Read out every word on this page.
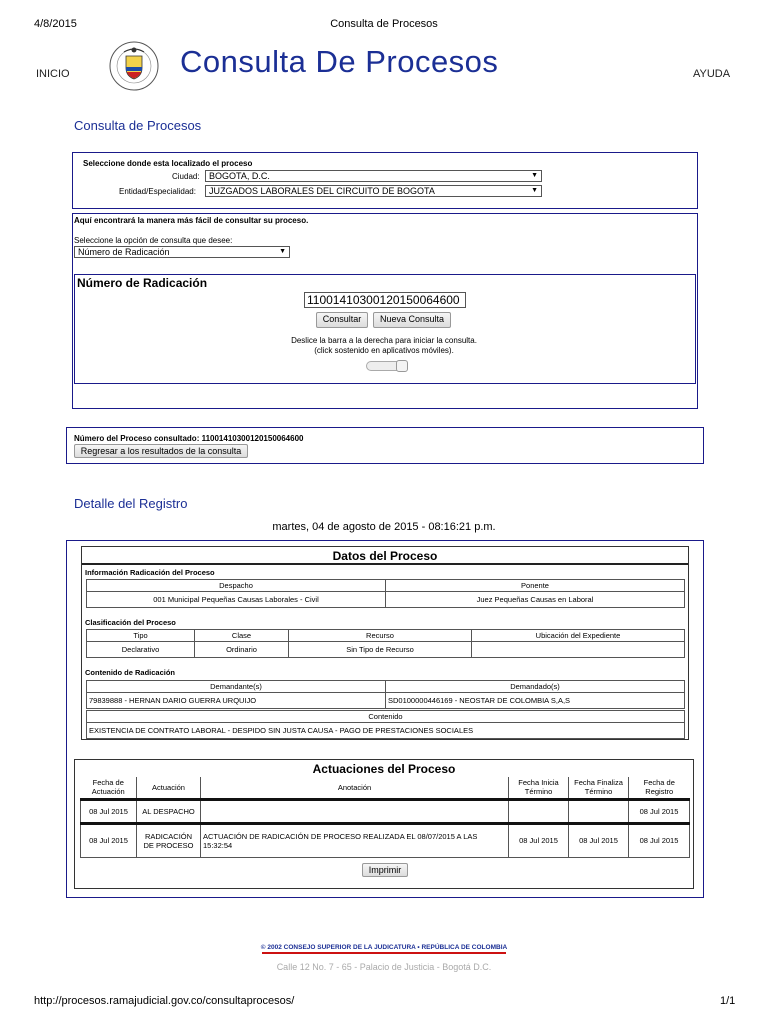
4/8/2015	Consulta de Procesos
INICIO	Consulta De Procesos	AYUDA
Consulta de Procesos
Seleccione donde esta localizado el proceso
Ciudad:	BOGOTA, D.C.	▼
Entidad/Especialidad:	JUZGADOS LABORALES DEL CIRCUITO DE BOGOTA	▼
Aquí encontrará la manera más fácil de consultar su proceso.
Seleccione la opción de consulta que desee:
Número de Radicación	▼
Número de Radicación
11001410300120150064600
Consultar	Nueva Consulta
Deslice la barra a la derecha para iniciar la consulta.
(click sostenido en aplicativos móviles).
Número del Proceso consultado: 11001410300120150064600
Regresar a los resultados de la consulta
Detalle del Registro
martes, 04 de agosto de 2015 - 08:16:21 p.m.
Datos del Proceso
Información Radicación del Proceso
Despacho	Ponente
001 Municipal Pequeñas Causas Laborales - Civil	Juez Pequeñas Causas en Laboral
Clasificación del Proceso
Tipo	Clase	Recurso	Ubicación del Expediente
Declarativo	Ordinario	Sin Tipo de Recurso	
Contenido de Radicación
Demandante(s)	Demandado(s)
79839888 - HERNAN DARIO GUERRA URQUIJO	SD0100000446169 - NEOSTAR DE COLOMBIA S,A,S
Contenido
EXISTENCIA DE CONTRATO LABORAL - DESPIDO SIN JUSTA CAUSA - PAGO DE PRESTACIONES SOCIALES
Actuaciones del Proceso
Fecha de Actuación	Actuación	Anotación	Fecha Inicia Término	Fecha Finaliza Término	Fecha de Registro
08 Jul 2015	AL DESPACHO				08 Jul 2015
08 Jul 2015	RADICACIÓN DE PROCESO	ACTUACIÓN DE RADICACIÓN DE PROCESO REALIZADA EL 08/07/2015 A LAS 15:32:54	08 Jul 2015	08 Jul 2015	08 Jul 2015
Imprimir
© 2002 CONSEJO SUPERIOR DE LA JUDICATURA • REPÚBLICA DE COLOMBIA
Calle 12 No. 7 - 65 - Palacio de Justicia - Bogotá D.C.
http://procesos.ramajudicial.gov.co/consultaprocesos/	1/1
